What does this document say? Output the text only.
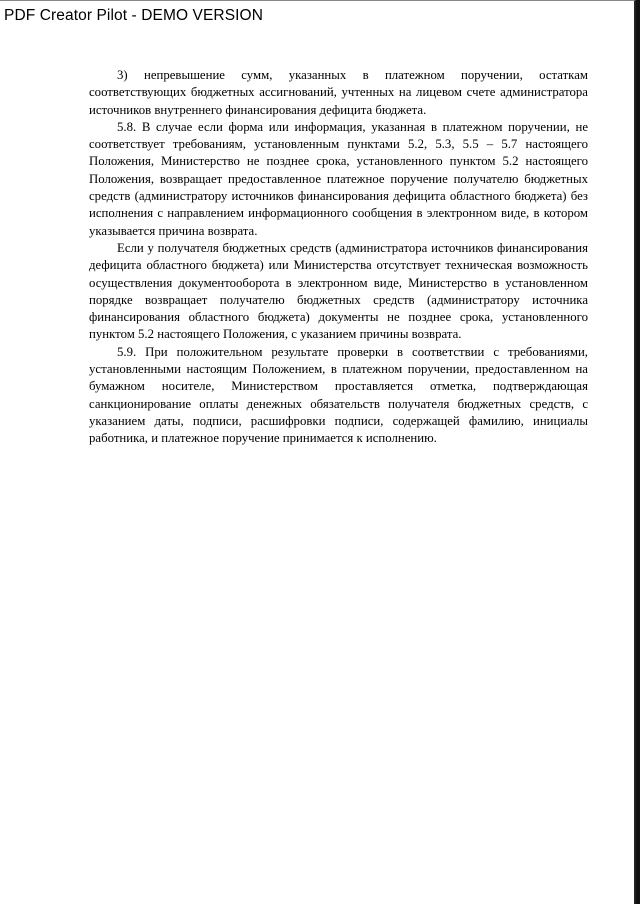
PDF Creator Pilot - DEMO VERSION

3) непревышение сумм, указанных в платежном поручении, остаткам соответствующих бюджетных ассигнований, учтенных на лицевом счете администратора источников внутреннего финансирования дефицита бюджета.

5.8. В случае если форма или информация, указанная в платежном поручении, не соответствует требованиям, установленным пунктами 5.2, 5.3, 5.5 – 5.7 настоящего Положения, Министерство не позднее срока, установленного пунктом 5.2 настоящего Положения, возвращает предоставленное платежное поручение получателю бюджетных средств (администратору источников финансирования дефицита областного бюджета) без исполнения с направлением информационного сообщения в электронном виде, в котором указывается причина возврата.

Если у получателя бюджетных средств (администратора источников финансирования дефицита областного бюджета) или Министерства отсутствует техническая возможность осуществления документооборота в электронном виде, Министерство в установленном порядке возвращает получателю бюджетных средств (администратору источника финансирования областного бюджета) документы не позднее срока, установленного пунктом 5.2 настоящего Положения, с указанием причины возврата.

5.9. При положительном результате проверки в соответствии с требованиями, установленными настоящим Положением, в платежном поручении, предоставленном на бумажном носителе, Министерством проставляется отметка, подтверждающая санкционирование оплаты денежных обязательств получателя бюджетных средств, с указанием даты, подписи, расшифровки подписи, содержащей фамилию, инициалы работника, и платежное поручение принимается к исполнению.
